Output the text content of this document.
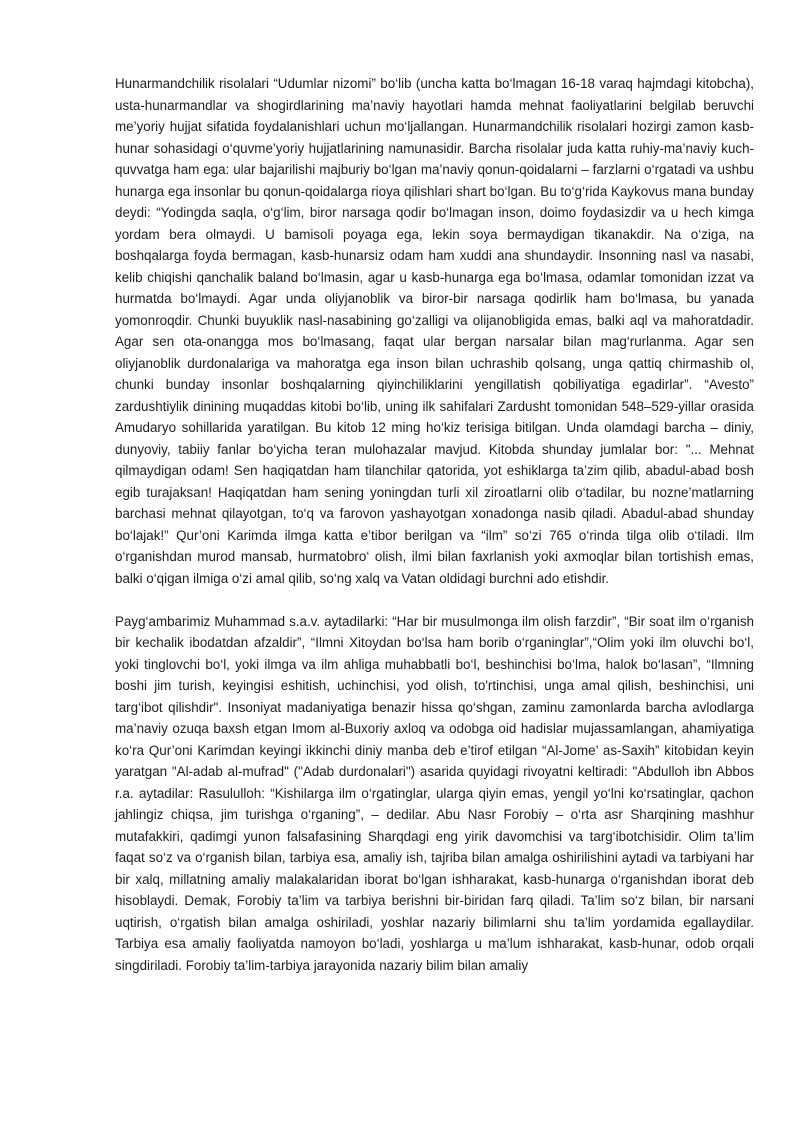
Hunarmandchilik risolalari “Udumlar nizomi” bo‘lib (uncha katta bo‘lmagan 16-18 varaq hajmdagi kitobcha), usta-hunarmandlar va shogirdlarining ma’naviy hayotlari hamda mehnat faoliyatlarini belgilab beruvchi me’yoriy hujjat sifatida foydalanishlari uchun mo‘ljallangan. Hunarmandchilik risolalari hozirgi zamon kasb-hunar sohasidagi o‘quvme’yoriy hujjatlarining namunasidir. Barcha risolalar juda katta ruhiy-ma’naviy kuch-quvvatga ham ega: ular bajarilishi majburiy bo‘lgan ma’naviy qonun-qoidalarni – farzlarni o‘rgatadi va ushbu hunarga ega insonlar bu qonun-qoidalarga rioya qilishlari shart bo‘lgan. Bu to‘g‘rida Kaykovus mana bunday deydi: “Yodingda saqla, o‘g‘lim, biror narsaga qodir bo‘lmagan inson, doimo foydasizdir va u hech kimga yordam bera olmaydi. U bamisoli poyaga ega, lekin soya bermaydigan tikanakdir. Na o‘ziga, na boshqalarga foyda bermagan, kasb-hunarsiz odam ham xuddi ana shundaydir. Insonning nasl va nasabi, kelib chiqishi qanchalik baland bo‘lmasin, agar u kasb-hunarga ega bo‘lmasa, odamlar tomonidan izzat va hurmatda bo‘lmaydi. Agar unda oliyjanoblik va biror-bir narsaga qodirlik ham bo‘lmasa, bu yanada yomonroqdir. Chunki buyuklik nasl-nasabining go‘zalligi va olijanobligida emas, balki aql va mahoratdadir. Agar sen ota-onangga mos bo‘lmasang, faqat ular bergan narsalar bilan mag‘rurlanma. Agar sen oliyjanoblik durdonalariga va mahoratga ega inson bilan uchrashib qolsang, unga qattiq chirmashib ol, chunki bunday insonlar boshqalarning qiyinchiliklarini yengillatish qobiliyatiga egadirlar”. “Avesto” zardushtiylik dinining muqaddas kitobi bo‘lib, uning ilk sahifalari Zardusht tomonidan 548–529-yillar orasida Amudaryo sohillarida yaratilgan. Bu kitob 12 ming ho‘kiz terisiga bitilgan. Unda olamdagi barcha – diniy, dunyoviy, tabiiy fanlar bo‘yicha teran mulohazalar mavjud. Kitobda shunday jumlalar bor: "... Mehnat qilmaydigan odam! Sen haqiqatdan ham tilanchilar qatorida, yot eshiklarga ta’zim qilib, abadul-abad bosh egib turajaksan! Haqiqatdan ham sening yoningdan turli xil ziroatlarni olib o‘tadilar, bu nozne’matlarning barchasi mehnat qilayotgan, to‘q va farovon yashayotgan xonadonga nasib qiladi. Abadul-abad shunday bo‘lajak!” Qur’oni Karimda ilmga katta e’tibor berilgan va “ilm” so‘zi 765 o‘rinda tilga olib o‘tiladi. Ilm o‘rganishdan murod mansab, hurmatobro‘ olish, ilmi bilan faxrlanish yoki axmoqlar bilan tortishish emas, balki o‘qigan ilmiga o‘zi amal qilib, so‘ng xalq va Vatan oldidagi burchni ado etishdir.

Payg‘ambarimiz Muhammad s.a.v. aytadilarki: “Har bir musulmonga ilm olish farzdir”, “Bir soat ilm o‘rganish bir kechalik ibodatdan afzaldir”, “Ilmni Xitoydan bo‘lsa ham borib o‘rganinglar”,“Olim yoki ilm oluvchi bo‘l, yoki tinglovchi bo‘l, yoki ilmga va ilm ahliga muhabbatli bo‘l, beshinchisi bo‘lma, halok bo‘lasan”, “Ilmning boshi jim turish, keyingisi eshitish, uchinchisi, yod olish, to'rtinchisi, unga amal qilish, beshinchisi, uni targ‘ibot qilishdir". Insoniyat madaniyatiga benazir hissa qo‘shgan, zaminu zamonlarda barcha avlodlarga ma’naviy ozuqa baxsh etgan Imom al-Buxoriy axloq va odobga oid hadislar mujassamlangan, ahamiyatiga ko‘ra Qur’oni Karimdan keyingi ikkinchi diniy manba deb e’tirof etilgan “Al-Jome’ as-Saxih” kitobidan keyin yaratgan "Al-adab al-mufrad" ("Adab durdonalari") asarida quyidagi rivoyatni keltiradi: "Abdulloh ibn Abbos r.a. aytadilar: Rasululloh: “Kishilarga ilm o‘rgatinglar, ularga qiyin emas, yengil yo‘lni ko‘rsatinglar, qachon jahlingiz chiqsa, jim turishga o‘rganing”, – dedilar. Abu Nasr Forobiy – o‘rta asr Sharqining mashhur mutafakkiri, qadimgi yunon falsafasining Sharqdagi eng yirik davomchisi va targ‘ibotchisidir. Olim ta’lim faqat so‘z va o‘rganish bilan, tarbiya esa, amaliy ish, tajriba bilan amalga oshirilishini aytadi va tarbiyani har bir xalq, millatning amaliy malakalaridan iborat bo‘lgan ishharakat, kasb-hunarga o‘rganishdan iborat deb hisoblaydi. Demak, Forobiy ta’lim va tarbiya berishni bir-biridan farq qiladi. Ta’lim so‘z bilan, bir narsani uqtirish, o‘rgatish bilan amalga oshiriladi, yoshlar nazariy bilimlarni shu ta’lim yordamida egallaydilar. Tarbiya esa amaliy faoliyatda namoyon bo‘ladi, yoshlarga u ma’lum ishharakat, kasb-hunar, odob orqali singdiriladi. Forobiy ta’lim-tarbiya jarayonida nazariy bilim bilan amaliy
